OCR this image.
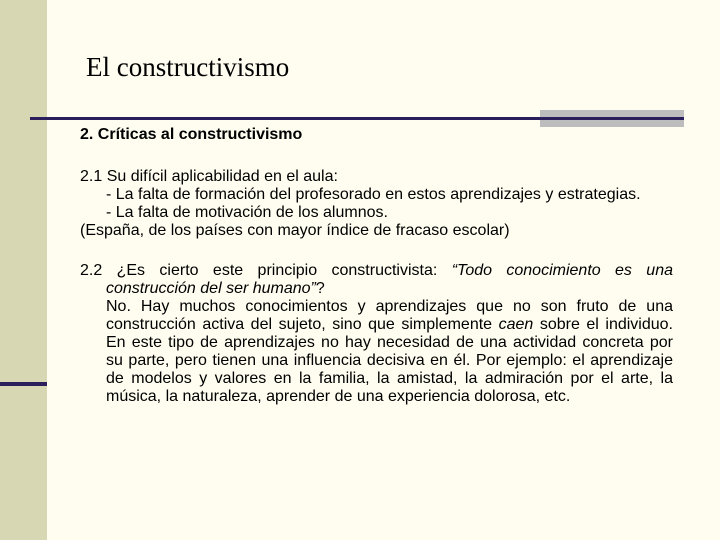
El constructivismo

2. Críticas al constructivismo

2.1 Su difícil aplicabilidad en el aula:

- La falta de formación del profesorado en estos aprendizajes y estrategias.

- La falta de motivación de los alumnos.

(España, de los países con mayor índice de fracaso escolar)

2.2 ¿Es cierto este principio constructivista: “Todo conocimiento es una construcción del ser humano”?

No. Hay muchos conocimientos y aprendizajes que no son fruto de una construcción activa del sujeto, sino que simplemente caen sobre el individuo. En este tipo de aprendizajes no hay necesidad de una actividad concreta por su parte, pero tienen una influencia decisiva en él. Por ejemplo: el aprendizaje de modelos y valores en la familia, la amistad, la admiración por el arte, la música, la naturaleza, aprender de una experiencia dolorosa, etc.
